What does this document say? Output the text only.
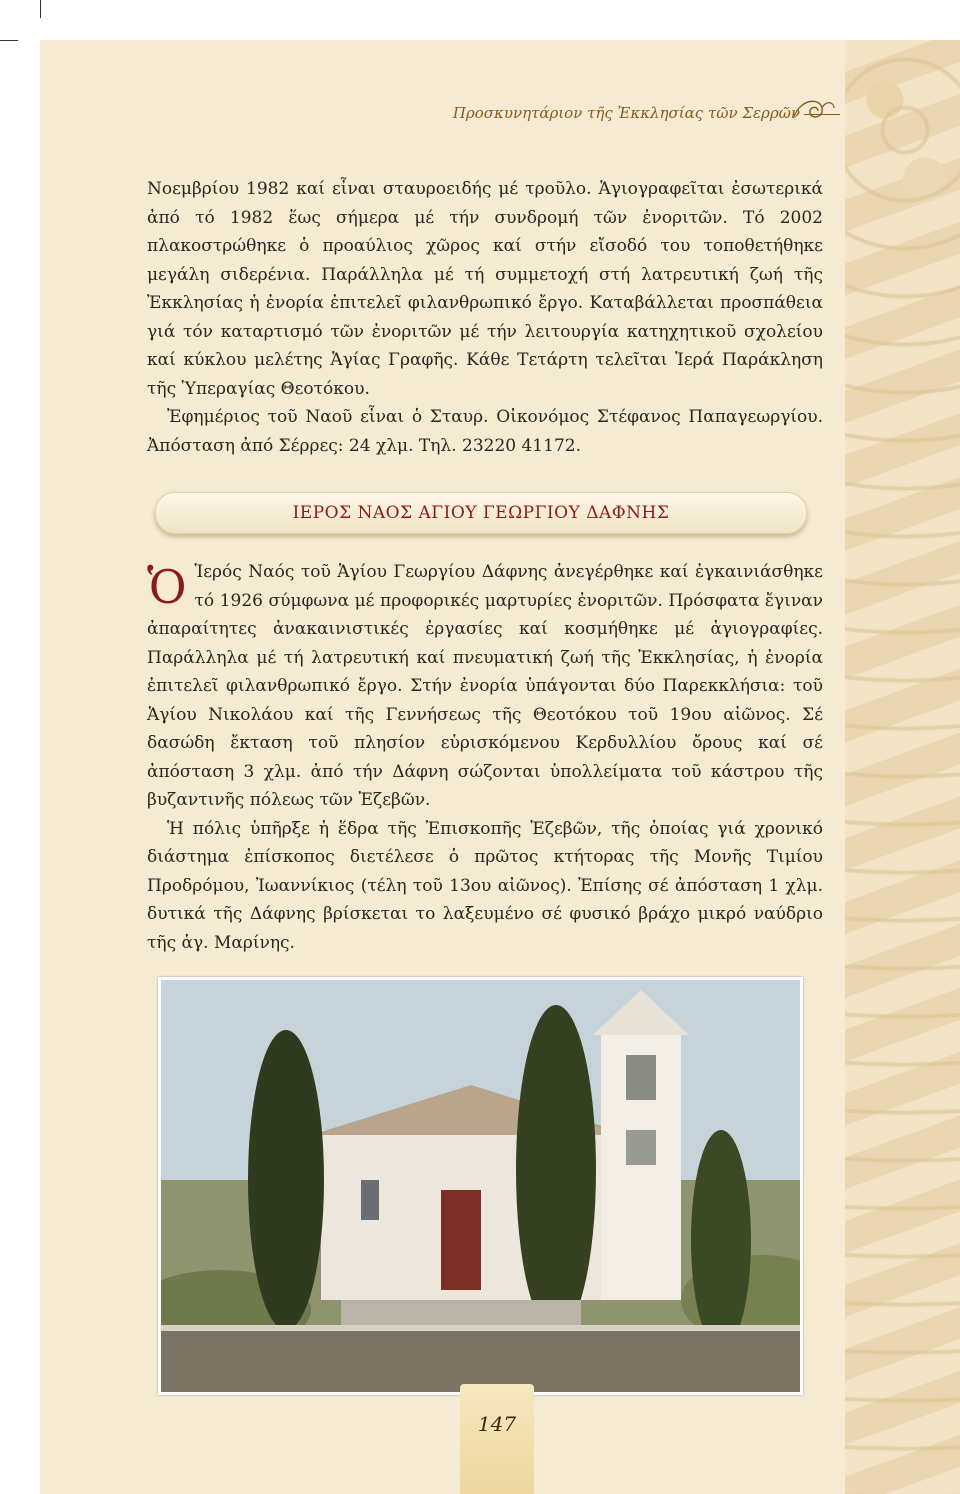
Προσκυνητάριον τῆς Ἐκκλησίας τῶν Σερρῶν

Νοεμβρίου 1982 καί εἶναι σταυροειδής μέ τροῦλο. Ἁγιογραφεῖται ἐσωτερικά ἀπό τό 1982 ἕως σήμερα μέ τήν συνδρομή τῶν ἐνοριτῶν. Τό 2002 πλακοστρώθηκε ὁ προαύλιος χῶρος καί στήν εἴσοδό του τοποθετήθηκε μεγάλη σιδερένια. Παράλληλα μέ τή συμμετοχή στή λατρευτική ζωή τῆς Ἐκκλησίας ἡ ἐνορία ἐπιτελεῖ φιλανθρωπικό ἔργο. Καταβάλλεται προσπάθεια γιά τόν καταρτισμό τῶν ἐνοριτῶν μέ τήν λειτουργία κατηχητικοῦ σχολείου καί κύκλου μελέτης Ἁγίας Γραφῆς. Κάθε Τετάρτη τελεῖται Ἱερά Παράκληση τῆς Ὑπεραγίας Θεοτόκου.

Ἐφημέριος τοῦ Ναοῦ εἶναι ὁ Σταυρ. Οἰκονόμος Στέφανος Παπαγεωργίου. Ἀπόσταση ἀπό Σέρρες: 24 χλμ. Τηλ. 23220 41172.

ΙΕΡΟΣ ΝΑΟΣ ΑΓΙΟΥ ΓΕΩΡΓΙΟΥ ΔΑΦΝΗΣ

Ὁ Ἱερός Ναός τοῦ Ἁγίου Γεωργίου Δάφνης ἀνεγέρθηκε καί ἐγκαινιάσθηκε τό 1926 σύμφωνα μέ προφορικές μαρτυρίες ἐνοριτῶν. Πρόσφατα ἔγιναν ἀπαραίτητες ἀνακαινιστικές ἐργασίες καί κοσμήθηκε μέ ἁγιογραφίες. Παράλληλα μέ τή λατρευτική καί πνευματική ζωή τῆς Ἐκκλησίας, ἡ ἐνορία ἐπιτελεῖ φιλανθρωπικό ἔργο. Στήν ἐνορία ὑπάγονται δύο Παρεκκλήσια: τοῦ Ἁγίου Νικολάου καί τῆς Γεννήσεως τῆς Θεοτόκου τοῦ 19ου αἰῶνος. Σέ δασώδη ἔκταση τοῦ πλησίον εὑρισκόμενου Κερδυλλίου ὄρους καί σέ ἀπόσταση 3 χλμ. ἀπό τήν Δάφνη σώζονται ὑπολλείματα τοῦ κάστρου τῆς βυζαντινῆς πόλεως τῶν Ἐζεβῶν.

Ἡ πόλις ὑπῆρξε ἡ ἕδρα τῆς Ἐπισκοπῆς Ἐζεβῶν, τῆς ὁποίας γιά χρονικό διάστημα ἐπίσκοπος διετέλεσε ὁ πρῶτος κτήτορας τῆς Μονῆς Τιμίου Προδρόμου, Ἰωαννίκιος (τέλη τοῦ 13ου αἰῶνος). Ἐπίσης σέ ἀπόσταση 1 χλμ. δυτικά τῆς Δάφνης βρίσκεται το λαξευμένο σέ φυσικό βράχο μικρό ναύδριο τῆς ἁγ. Μαρίνης.

147
